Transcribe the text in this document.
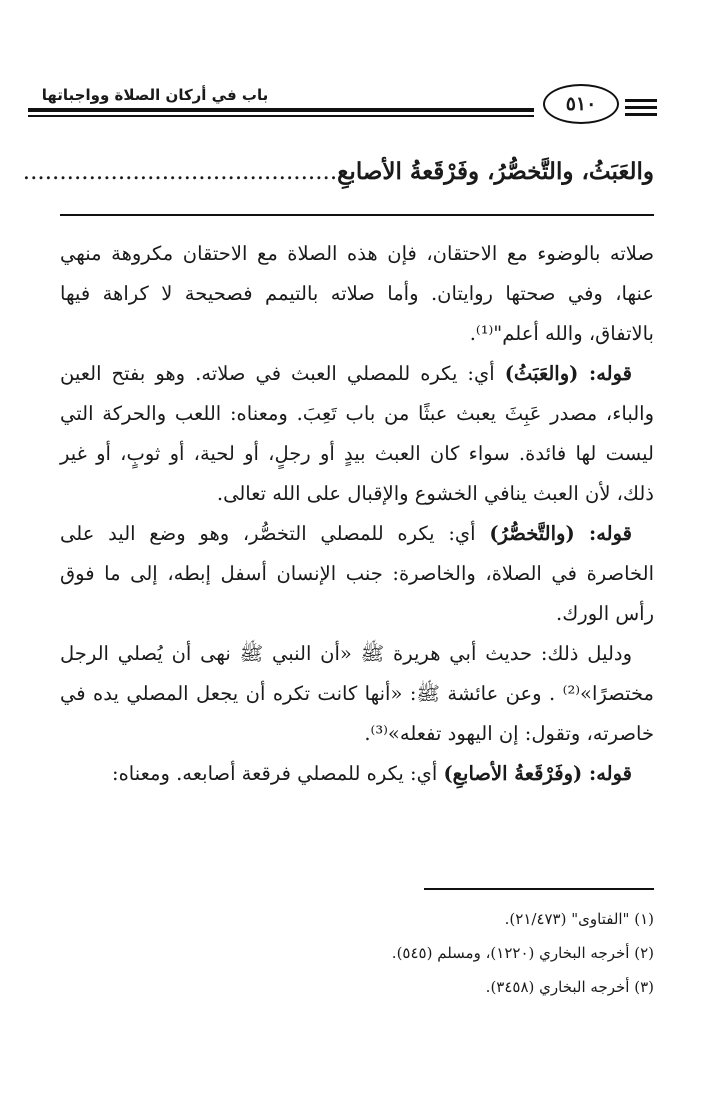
باب في أركان الصلاة وواجباتها	٥١٠
والعَبَثُ، والتَّخصُّرُ، وفَرْقَعةُ الأصابعِ...........................................

صلاته بالوضوء مع الاحتقان، فإن هذه الصلاة مع الاحتقان مكروهة منهي عنها، وفي صحتها روايتان. وأما صلاته بالتيمم فصحيحة لا كراهة فيها بالاتفاق، والله أعلم"⁽¹⁾.

قوله: (والعَبَثُ) أي: يكره للمصلي العبث في صلاته. وهو بفتح العين والباء، مصدر عَبِثَ يعبث عبثًا من باب تَعِبَ. ومعناه: اللعب والحركة التي ليست لها فائدة. سواء كان العبث بيدٍ أو رجلٍ، أو لحية، أو ثوبٍ، أو غير ذلك، لأن العبث ينافي الخشوع والإقبال على الله تعالى.

قوله: (والتَّخصُّرُ) أي: يكره للمصلي التخصُّر، وهو وضع اليد على الخاصرة في الصلاة، والخاصرة: جنب الإنسان أسفل إبطه، إلى ما فوق رأس الورك.

ودليل ذلك: حديث أبي هريرة ﷺ «أن النبي ﷺ نهى أن يُصلي الرجل مختصرًا»⁽²⁾ . وعن عائشة ﷺ: «أنها كانت تكره أن يجعل المصلي يده في خاصرته، وتقول: إن اليهود تفعله»⁽³⁾.

قوله: (وفَرْقَعةُ الأصابعِ) أي: يكره للمصلي فرقعة أصابعه. ومعناه:

(١) "الفتاوى" (٢١/٤٧٣).
(٢) أخرجه البخاري (١٢٢٠)، ومسلم (٥٤٥).
(٣) أخرجه البخاري (٣٤٥٨).
